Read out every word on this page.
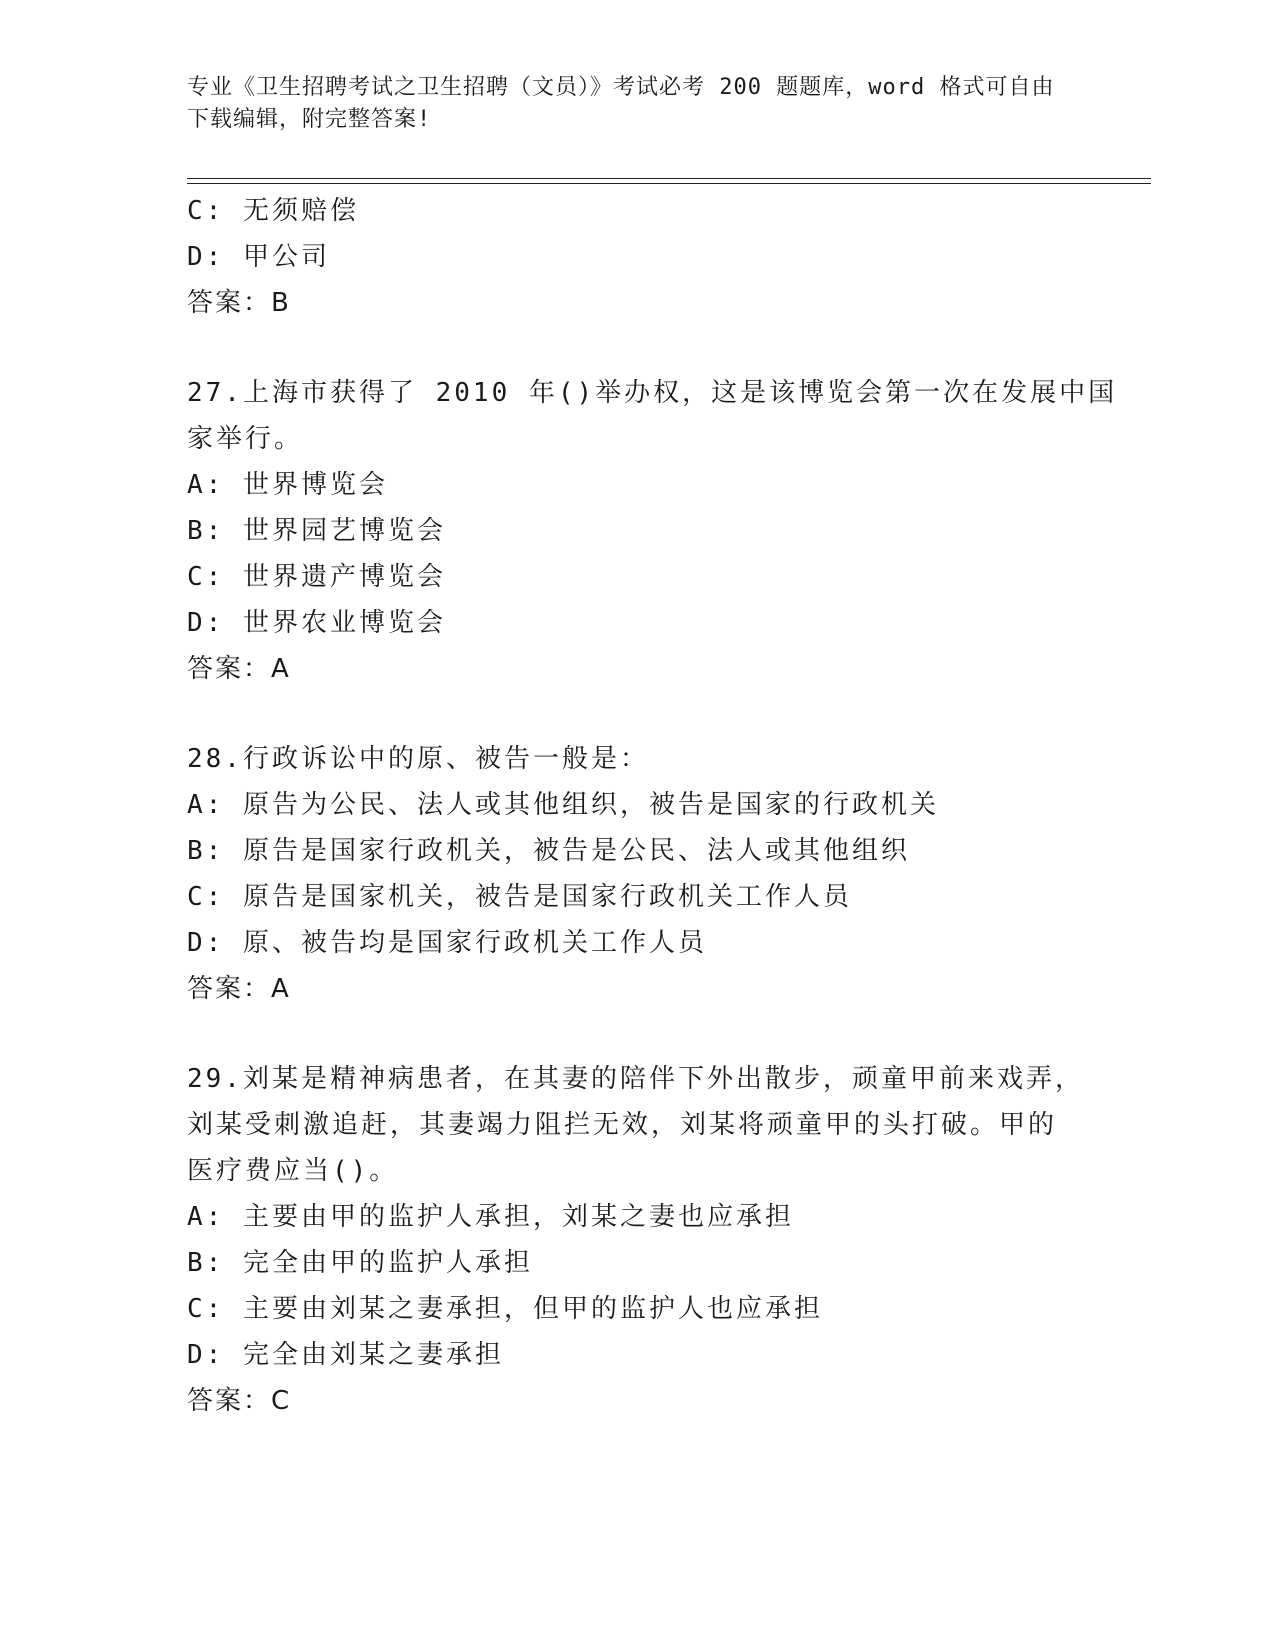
专业《卫生招聘考试之卫生招聘（文员）》考试必考 200 题题库，word 格式可自由下载编辑，附完整答案!
C: 无须赔偿
D: 甲公司
答案：B
27.上海市获得了 2010 年()举办权，这是该博览会第一次在发展中国
家举行。
A: 世界博览会
B: 世界园艺博览会
C: 世界遗产博览会
D: 世界农业博览会
答案：A
28.行政诉讼中的原、被告一般是：
A: 原告为公民、法人或其他组织，被告是国家的行政机关
B: 原告是国家行政机关，被告是公民、法人或其他组织
C: 原告是国家机关，被告是国家行政机关工作人员
D: 原、被告均是国家行政机关工作人员
答案：A
29.刘某是精神病患者，在其妻的陪伴下外出散步，顽童甲前来戏弄，
刘某受刺激追赶，其妻竭力阻拦无效，刘某将顽童甲的头打破。甲的
医疗费应当()。
A: 主要由甲的监护人承担，刘某之妻也应承担
B: 完全由甲的监护人承担
C: 主要由刘某之妻承担，但甲的监护人也应承担
D: 完全由刘某之妻承担
答案：C
